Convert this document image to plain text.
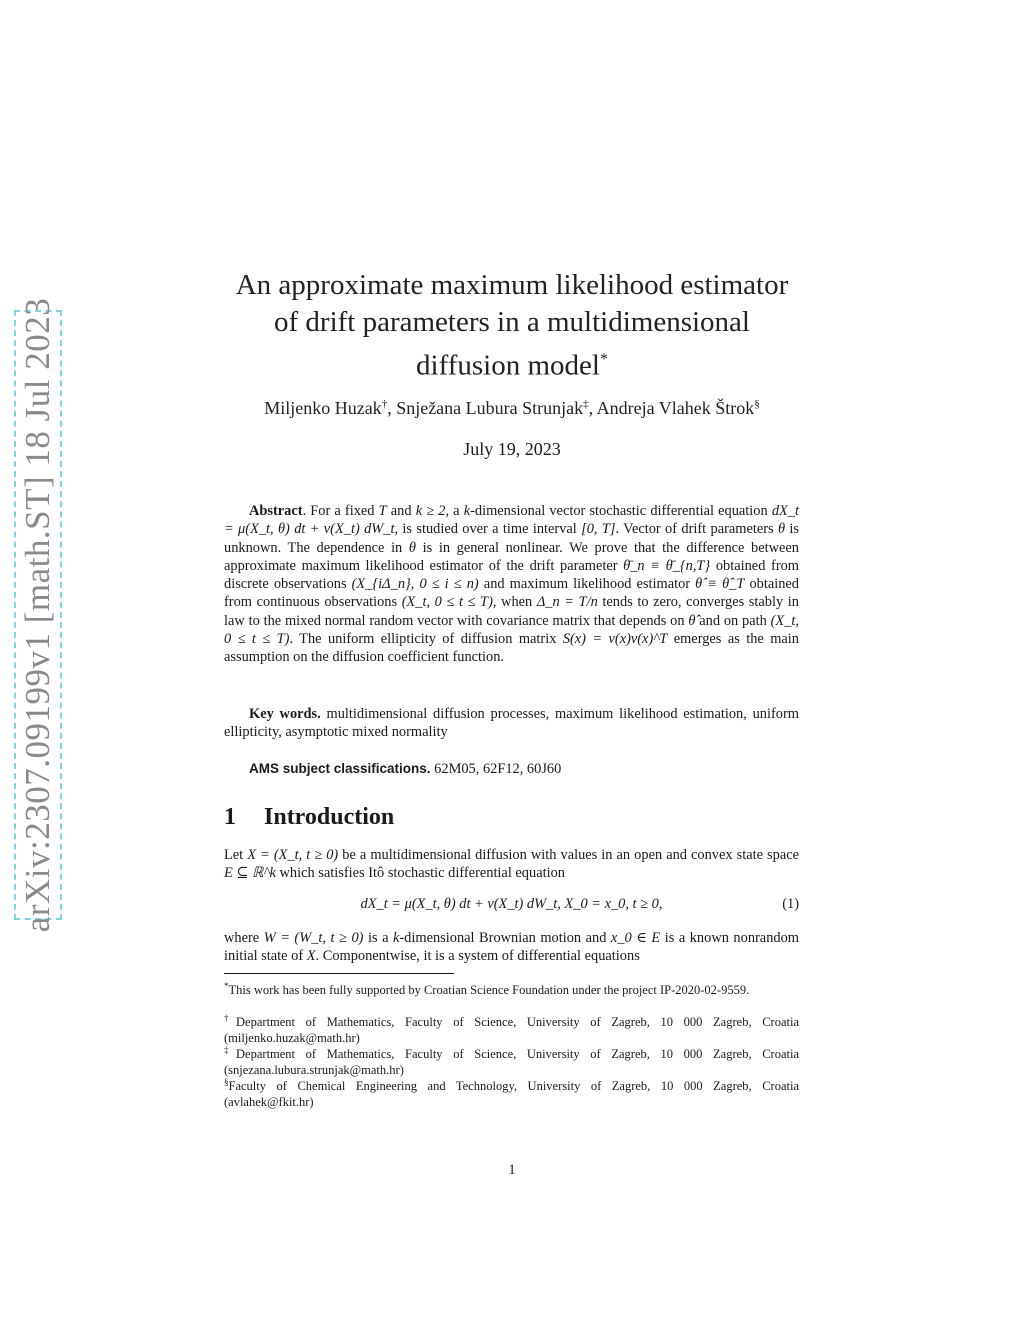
arXiv:2307.09199v1 [math.ST] 18 Jul 2023
An approximate maximum likelihood estimator
of drift parameters in a multidimensional
diffusion model*
Miljenko Huzak†, Snježana Lubura Strunjak‡, Andreja Vlahek Štrok§
July 19, 2023
Abstract. For a fixed T and k ≥ 2, a k-dimensional vector stochastic differential equation dX_t = μ(X_t, θ) dt + ν(X_t) dW_t, is studied over a time interval [0, T]. Vector of drift parameters θ is unknown. The dependence in θ is in general nonlinear. We prove that the difference between approximate maximum likelihood estimator of the drift parameter θ̄_n ≡ θ̄_{n,T} obtained from discrete observations (X_{iΔ_n}, 0 ≤ i ≤ n) and maximum likelihood estimator θ̂ ≡ θ̂_T obtained from continuous observations (X_t, 0 ≤ t ≤ T), when Δ_n = T/n tends to zero, converges stably in law to the mixed normal random vector with covariance matrix that depends on θ̂ and on path (X_t, 0 ≤ t ≤ T). The uniform ellipticity of diffusion matrix S(x) = ν(x)ν(x)^T emerges as the main assumption on the diffusion coefficient function.
Key words. multidimensional diffusion processes, maximum likelihood estimation, uniform ellipticity, asymptotic mixed normality
AMS subject classifications. 62M05, 62F12, 60J60
1 Introduction
Let X = (X_t, t ≥ 0) be a multidimensional diffusion with values in an open and convex state space E ⊆ ℝ^k which satisfies Itô stochastic differential equation
dX_t = μ(X_t, θ) dt + ν(X_t) dW_t, X_0 = x_0, t ≥ 0,	(1)
where W = (W_t, t ≥ 0) is a k-dimensional Brownian motion and x_0 ∈ E is a known nonrandom initial state of X. Componentwise, it is a system of differential equations
*This work has been fully supported by Croatian Science Foundation under the project IP-2020-02-9559.
†Department of Mathematics, Faculty of Science, University of Zagreb, 10 000 Zagreb, Croatia (miljenko.huzak@math.hr)
‡Department of Mathematics, Faculty of Science, University of Zagreb, 10 000 Zagreb, Croatia (snjezana.lubura.strunjak@math.hr)
§Faculty of Chemical Engineering and Technology, University of Zagreb, 10 000 Zagreb, Croatia (avlahek@fkit.hr)
1
